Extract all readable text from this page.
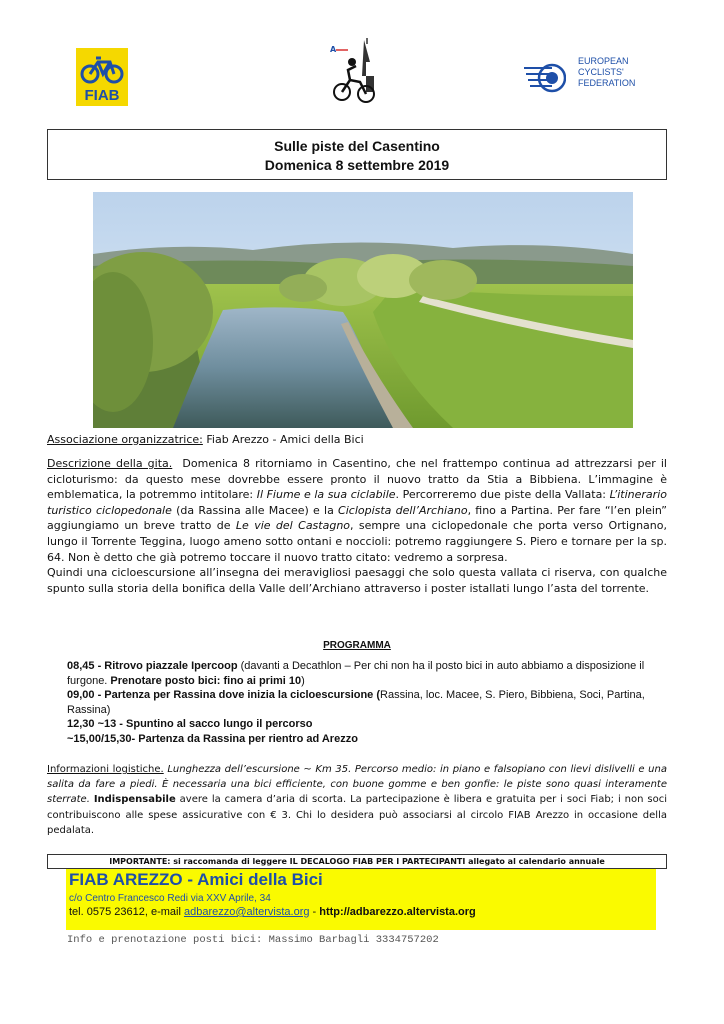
FIAB
A
EUROPEAN
CYCLISTS'
FEDERATION
Sulle piste del Casentino
Domenica 8 settembre 2019
Associazione organizzatrice: Fiab Arezzo - Amici della Bici
Descrizione della gita. Domenica 8 ritorniamo in Casentino, che nel frattempo continua ad attrezzarsi per il cicloturismo: da questo mese dovrebbe essere pronto il nuovo tratto da Stia a Bibbiena. L’immagine è emblematica, la potremmo intitolare: Il Fiume e la sua ciclabile. Percorreremo due piste della Vallata: L’itinerario turistico ciclopedonale (da Rassina alle Macee) e la Ciclopista dell’Archiano, fino a Partina. Per fare “l’en plein” aggiungiamo un breve tratto de Le vie del Castagno, sempre una ciclopedonale che porta verso Ortignano, lungo il Torrente Teggina, luogo ameno sotto ontani e noccioli: potremo raggiungere S. Piero e tornare per la sp. 64. Non è detto che già potremo toccare il nuovo tratto citato: vedremo a sorpresa.
Quindi una cicloescursione all’insegna dei meravigliosi paesaggi che solo questa vallata ci riserva, con qualche spunto sulla storia della bonifica della Valle dell’Archiano attraverso i poster istallati lungo l’asta del torrente.
PROGRAMMA
08,45 - Ritrovo piazzale Ipercoop (davanti a Decathlon – Per chi non ha il posto bici in auto abbiamo a disposizione il furgone. Prenotare posto bici: fino ai primi 10)
09,00 - Partenza per Rassina dove inizia la cicloescursione (Rassina, loc. Macee, S. Piero, Bibbiena, Soci, Partina, Rassina)
12,30 ~13 - Spuntino al sacco lungo il percorso
~15,00/15,30- Partenza da Rassina per rientro ad Arezzo
Informazioni logistiche. Lunghezza dell’escursione ~ Km 35. Percorso medio: in piano e falsopiano con lievi dislivelli e una salita da fare a piedi. È necessaria una bici efficiente, con buone gomme e ben gonfie: le piste sono quasi interamente sterrate. Indispensabile avere la camera d’aria di scorta. La partecipazione è libera e gratuita per i soci Fiab; i non soci contribuiscono alle spese assicurative con € 3. Chi lo desidera può associarsi al circolo FIAB Arezzo in occasione della pedalata.
IMPORTANTE: si raccomanda di leggere IL DECALOGO FIAB PER I PARTECIPANTI allegato al calendario annuale
FIAB AREZZO - Amici della Bici
c/o Centro Francesco Redi via XXV Aprile, 34
tel. 0575 23612, e-mail adbarezzo@altervista.org - http://adbarezzo.altervista.org
Info e prenotazione posti bici: Massimo Barbagli 3334757202
